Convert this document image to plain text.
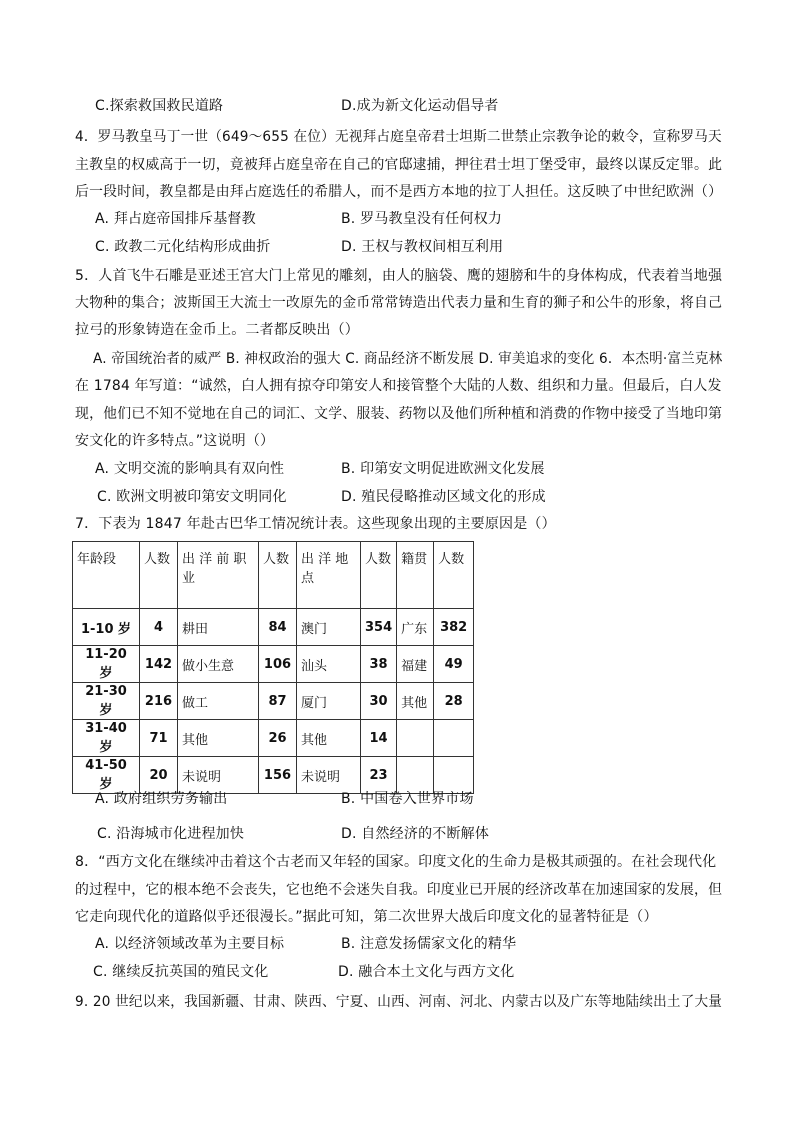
C.探索救国救民道路	D.成为新文化运动倡导者
4．罗马教皇马丁一世（649～655 在位）无视拜占庭皇帝君士坦斯二世禁止宗教争论的敕令，宣称罗马天
主教皇的权威高于一切，竟被拜占庭皇帝在自己的官邸逮捕，押往君士坦丁堡受审，最终以谋反定罪。此
后一段时间，教皇都是由拜占庭选任的希腊人，而不是西方本地的拉丁人担任。这反映了中世纪欧洲（）
A. 拜占庭帝国排斥基督教	B. 罗马教皇没有任何权力
C. 政教二元化结构形成曲折	D. 王权与教权间相互利用
5．人首飞牛石雕是亚述王宫大门上常见的雕刻，由人的脑袋、鹰的翅膀和牛的身体构成，代表着当地强
大物种的集合；波斯国王大流士一改原先的金币常常铸造出代表力量和生育的狮子和公牛的形象，将自己
拉弓的形象铸造在金币上。二者都反映出（）
A. 帝国统治者的威严 B. 神权政治的强大 C. 商品经济不断发展 D. 审美追求的变化 6．本杰明·富兰克林
在 1784 年写道：“诚然，白人拥有掠夺印第安人和接管整个大陆的人数、组织和力量。但最后，白人发
现，他们已不知不觉地在自己的词汇、文学、服装、药物以及他们所种植和消费的作物中接受了当地印第
安文化的许多特点。”这说明（）
A. 文明交流的影响具有双向性	B. 印第安文明促进欧洲文化发展
C. 欧洲文明被印第安文明同化	D. 殖民侵略推动区域文化的形成
7．下表为 1847 年赴古巴华工情况统计表。这些现象出现的主要原因是（）
年龄段	人数	出 洋 前 职业	人数	出 洋 地点	人数	籍贯	人数
1-10 岁	4	耕田	84	澳门	354	广东	382
11-20 岁	142	做小生意	106	汕头	38	福建	49
21-30 岁	216	做工	87	厦门	30	其他	28
31-40 岁	71	其他	26	其他	14		
41-50 岁	20	未说明	156	未说明	23		
A. 政府组织劳务输出	B. 中国卷入世界市场
C. 沿海城市化进程加快	D. 自然经济的不断解体
8．“西方文化在继续冲击着这个古老而又年轻的国家。印度文化的生命力是极其顽强的。在社会现代化
的过程中，它的根本绝不会丧失，它也绝不会迷失自我。印度业已开展的经济改革在加速国家的发展，但
它走向现代化的道路似乎还很漫长。”据此可知，第二次世界大战后印度文化的显著特征是（）
A. 以经济领域改革为主要目标	B. 注意发扬儒家文化的精华
C. 继续反抗英国的殖民文化	D. 融合本土文化与西方文化
9. 20 世纪以来，我国新疆、甘肃、陕西、宁夏、山西、河南、河北、内蒙古以及广东等地陆续出土了大量
